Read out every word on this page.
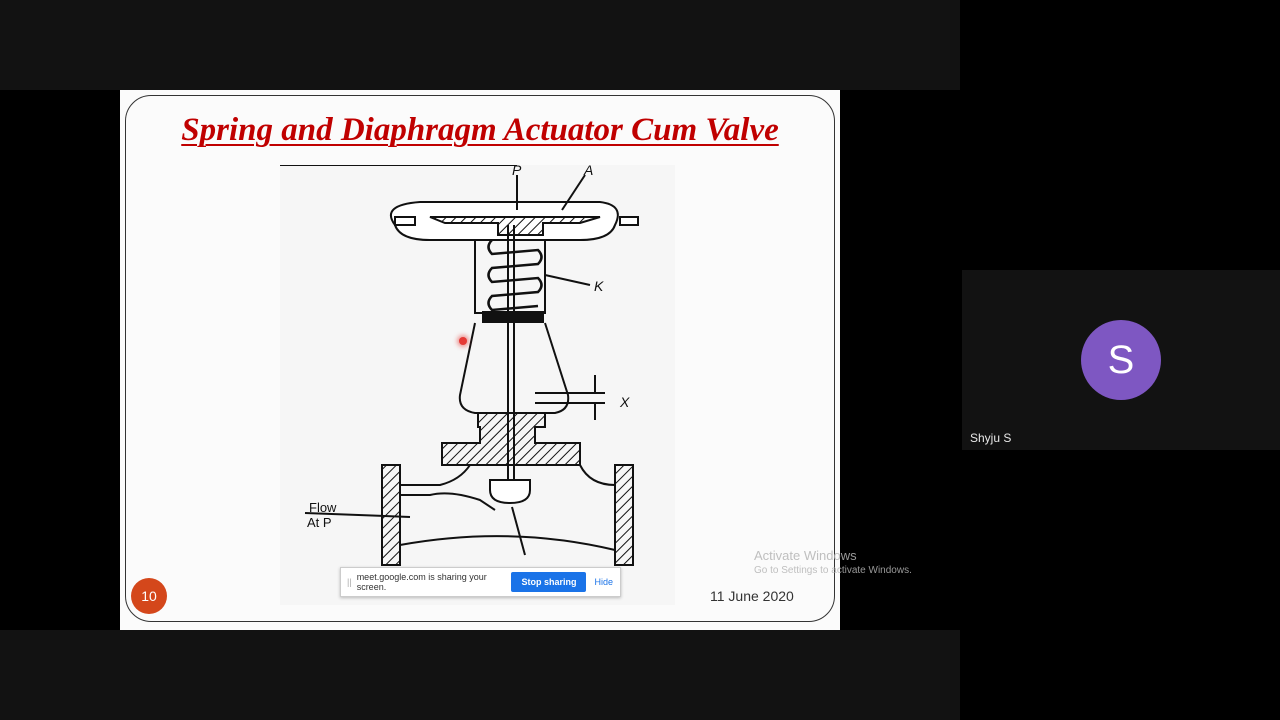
Spring and Diaphragm Actuator Cum Valve
P	A
K
X
Flow
At P
10	11 June 2020
|| meet.google.com is sharing your screen.	Stop sharing	Hide
Activate Windows
Go to Settings to activate Windows.
S
Shyju S
